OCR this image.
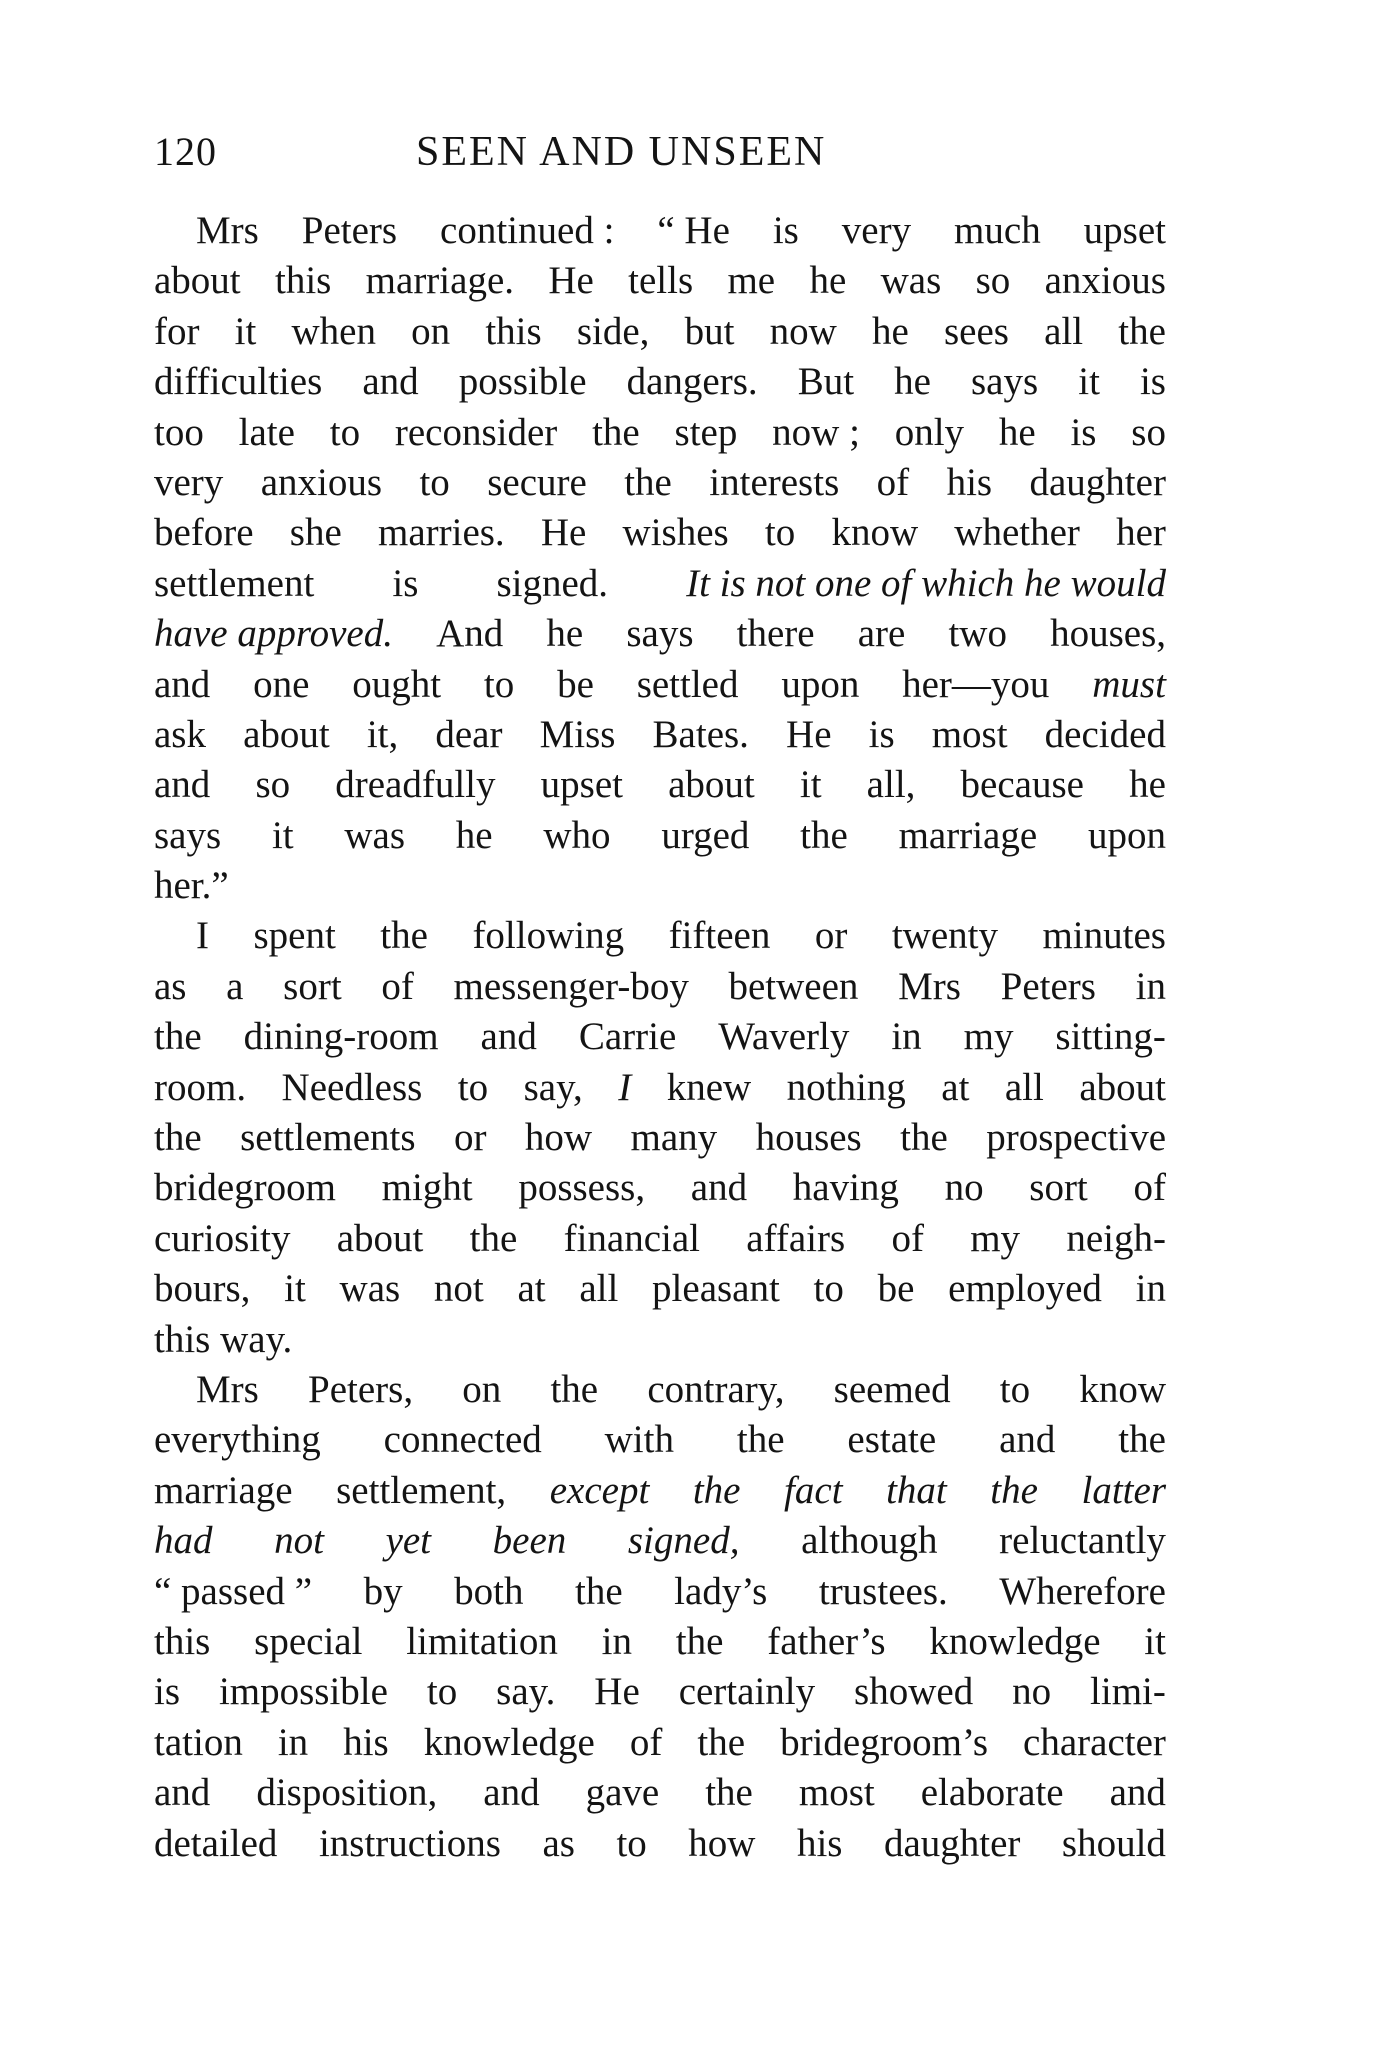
120	SEEN AND UNSEEN
Mrs Peters continued : “ He is very much upset
about this marriage. He tells me he was so anxious
for it when on this side, but now he sees all the
difficulties and possible dangers. But he says it is
too late to reconsider the step now ; only he is so
very anxious to secure the interests of his daughter
before she marries. He wishes to know whether her
settlement is signed. It is not one of which he would
have approved. And he says there are two houses,
and one ought to be settled upon her—you must
ask about it, dear Miss Bates. He is most decided
and so dreadfully upset about it all, because he
says it was he who urged the marriage upon
her.”
I spent the following fifteen or twenty minutes
as a sort of messenger-boy between Mrs Peters in
the dining-room and Carrie Waverly in my sitting-
room. Needless to say, I knew nothing at all about
the settlements or how many houses the prospective
bridegroom might possess, and having no sort of
curiosity about the financial affairs of my neigh-
bours, it was not at all pleasant to be employed in
this way.
Mrs Peters, on the contrary, seemed to know
everything connected with the estate and the
marriage settlement, except the fact that the latter
had not yet been signed, although reluctantly
“ passed ” by both the lady’s trustees. Wherefore
this special limitation in the father’s knowledge it
is impossible to say. He certainly showed no limi-
tation in his knowledge of the bridegroom’s character
and disposition, and gave the most elaborate and
detailed instructions as to how his daughter should
